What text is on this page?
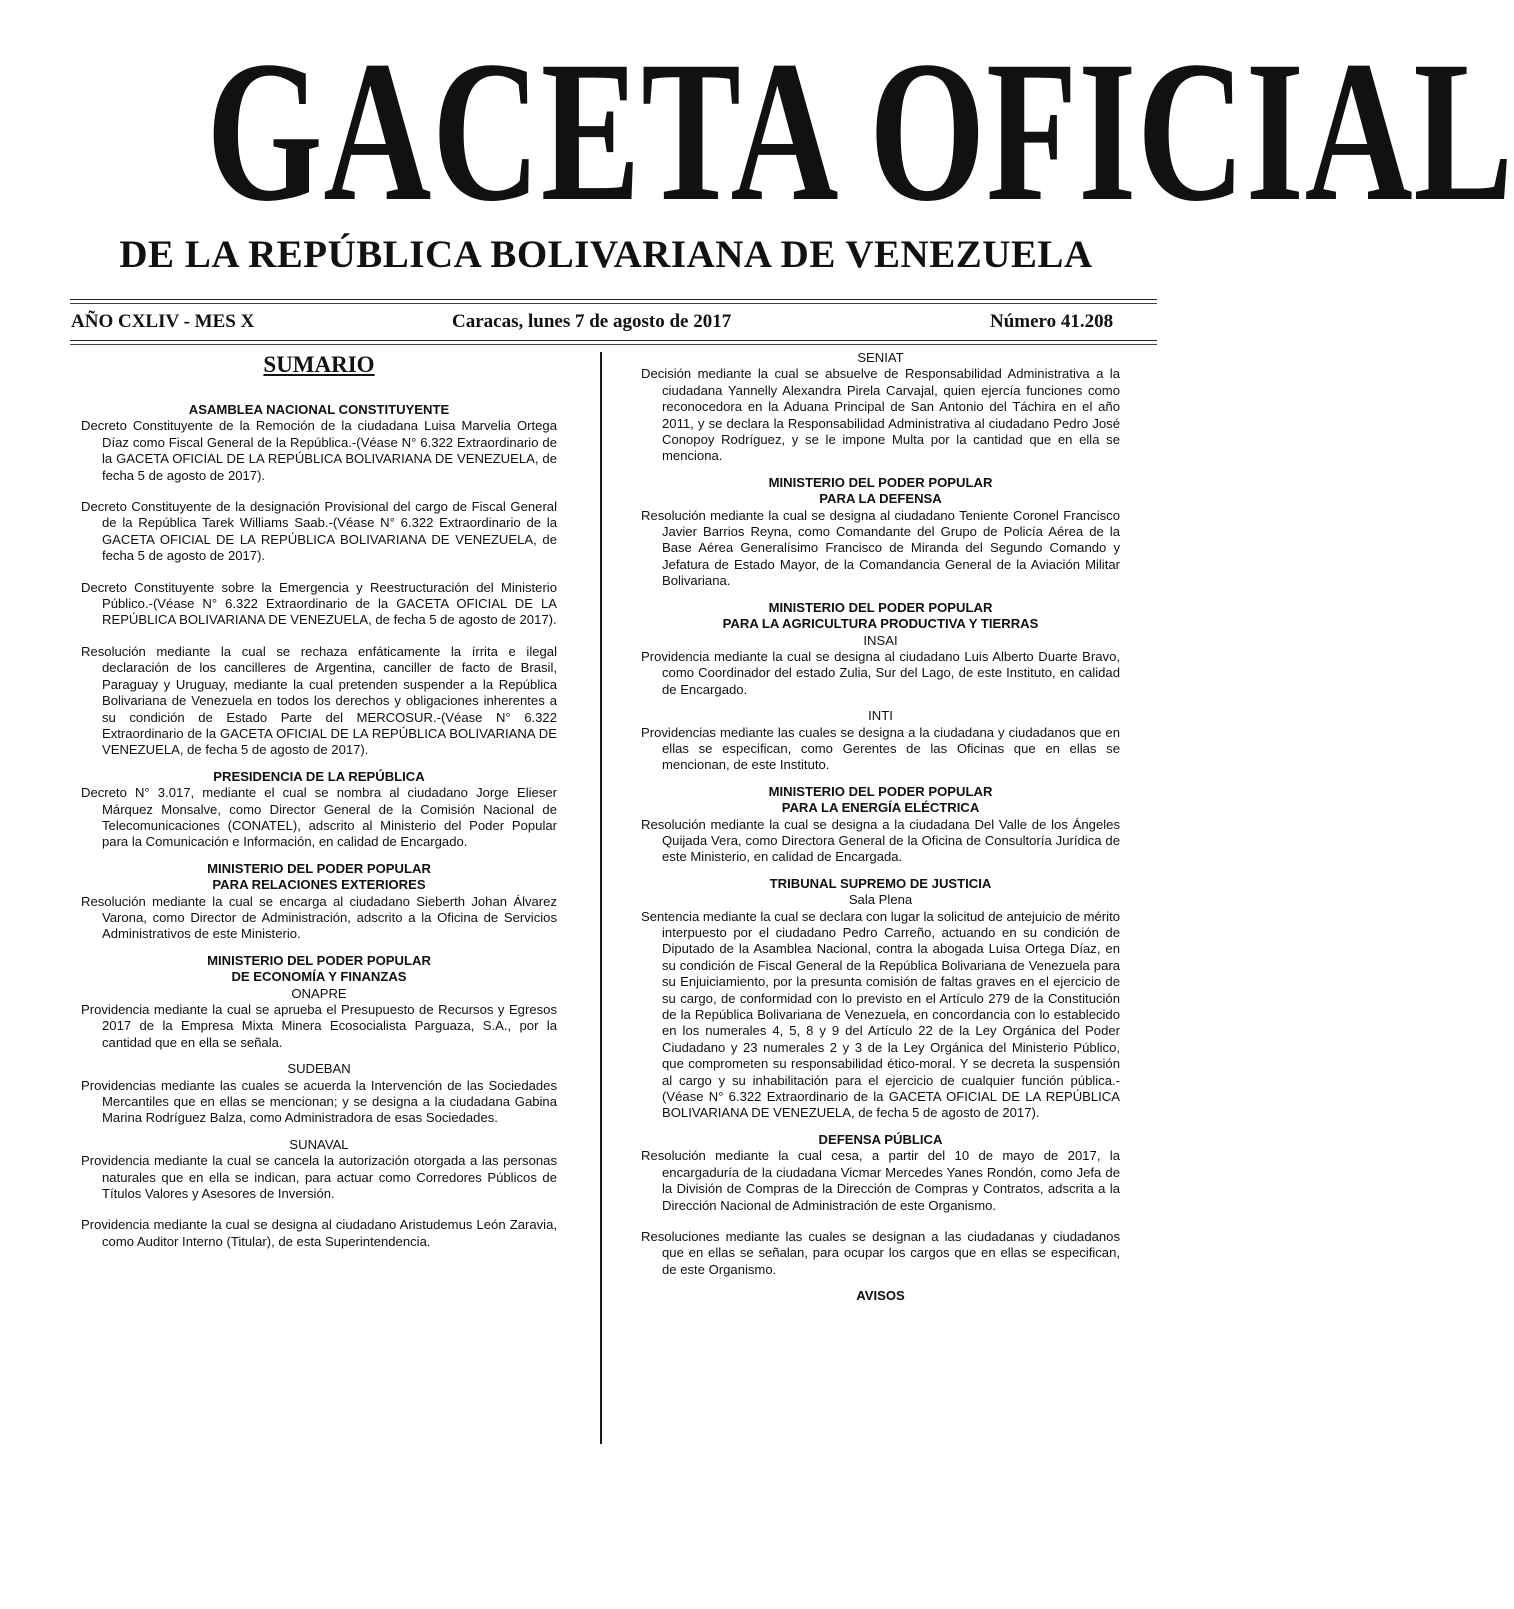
GACETA OFICIAL
DE LA REPÚBLICA BOLIVARIANA DE VENEZUELA
AÑO CXLIV - MES X	Caracas, lunes 7 de agosto de 2017	Número 41.208
SUMARIO
ASAMBLEA NACIONAL CONSTITUYENTE
Decreto Constituyente de la Remoción de la ciudadana Luisa Marvelia Ortega Díaz como Fiscal General de la República.-(Véase N° 6.322 Extraordinario de la GACETA OFICIAL DE LA REPÚBLICA BOLIVARIANA DE VENEZUELA, de fecha 5 de agosto de 2017).
Decreto Constituyente de la designación Provisional del cargo de Fiscal General de la República Tarek Williams Saab.-(Véase N° 6.322 Extraordinario de la GACETA OFICIAL DE LA REPÚBLICA BOLIVARIANA DE VENEZUELA, de fecha 5 de agosto de 2017).
Decreto Constituyente sobre la Emergencia y Reestructuración del Ministerio Público.-(Véase N° 6.322 Extraordinario de la GACETA OFICIAL DE LA REPÚBLICA BOLIVARIANA DE VENEZUELA, de fecha 5 de agosto de 2017).
Resolución mediante la cual se rechaza enfáticamente la írrita e ilegal declaración de los cancilleres de Argentina, canciller de facto de Brasil, Paraguay y Uruguay, mediante la cual pretenden suspender a la República Bolivariana de Venezuela en todos los derechos y obligaciones inherentes a su condición de Estado Parte del MERCOSUR.-(Véase N° 6.322 Extraordinario de la GACETA OFICIAL DE LA REPÚBLICA BOLIVARIANA DE VENEZUELA, de fecha 5 de agosto de 2017).
PRESIDENCIA DE LA REPÚBLICA
Decreto N° 3.017, mediante el cual se nombra al ciudadano Jorge Elieser Márquez Monsalve, como Director General de la Comisión Nacional de Telecomunicaciones (CONATEL), adscrito al Ministerio del Poder Popular para la Comunicación e Información, en calidad de Encargado.
MINISTERIO DEL PODER POPULAR
PARA RELACIONES EXTERIORES
Resolución mediante la cual se encarga al ciudadano Sieberth Johan Álvarez Varona, como Director de Administración, adscrito a la Oficina de Servicios Administrativos de este Ministerio.
MINISTERIO DEL PODER POPULAR
DE ECONOMÍA Y FINANZAS
ONAPRE
Providencia mediante la cual se aprueba el Presupuesto de Recursos y Egresos 2017 de la Empresa Mixta Minera Ecosocialista Parguaza, S.A., por la cantidad que en ella se señala.
SUDEBAN
Providencias mediante las cuales se acuerda la Intervención de las Sociedades Mercantiles que en ellas se mencionan; y se designa a la ciudadana Gabina Marina Rodríguez Balza, como Administradora de esas Sociedades.
SUNAVAL
Providencia mediante la cual se cancela la autorización otorgada a las personas naturales que en ella se indican, para actuar como Corredores Públicos de Títulos Valores y Asesores de Inversión.
Providencia mediante la cual se designa al ciudadano Aristudemus León Zaravia, como Auditor Interno (Titular), de esta Superintendencia.
SENIAT
Decisión mediante la cual se absuelve de Responsabilidad Administrativa a la ciudadana Yannelly Alexandra Pirela Carvajal, quien ejercía funciones como reconocedora en la Aduana Principal de San Antonio del Táchira en el año 2011, y se declara la Responsabilidad Administrativa al ciudadano Pedro José Conopoy Rodríguez, y se le impone Multa por la cantidad que en ella se menciona.
MINISTERIO DEL PODER POPULAR
PARA LA DEFENSA
Resolución mediante la cual se designa al ciudadano Teniente Coronel Francisco Javier Barrios Reyna, como Comandante del Grupo de Policía Aérea de la Base Aérea Generalísimo Francisco de Miranda del Segundo Comando y Jefatura de Estado Mayor, de la Comandancia General de la Aviación Militar Bolivariana.
MINISTERIO DEL PODER POPULAR
PARA LA AGRICULTURA PRODUCTIVA Y TIERRAS
INSAI
Providencia mediante la cual se designa al ciudadano Luis Alberto Duarte Bravo, como Coordinador del estado Zulia, Sur del Lago, de este Instituto, en calidad de Encargado.
INTI
Providencias mediante las cuales se designa a la ciudadana y ciudadanos que en ellas se especifican, como Gerentes de las Oficinas que en ellas se mencionan, de este Instituto.
MINISTERIO DEL PODER POPULAR
PARA LA ENERGÍA ELÉCTRICA
Resolución mediante la cual se designa a la ciudadana Del Valle de los Ángeles Quijada Vera, como Directora General de la Oficina de Consultoría Jurídica de este Ministerio, en calidad de Encargada.
TRIBUNAL SUPREMO DE JUSTICIA
Sala Plena
Sentencia mediante la cual se declara con lugar la solicitud de antejuicio de mérito interpuesto por el ciudadano Pedro Carreño, actuando en su condición de Diputado de la Asamblea Nacional, contra la abogada Luisa Ortega Díaz, en su condición de Fiscal General de la República Bolivariana de Venezuela para su Enjuiciamiento, por la presunta comisión de faltas graves en el ejercicio de su cargo, de conformidad con lo previsto en el Artículo 279 de la Constitución de la República Bolivariana de Venezuela, en concordancia con lo establecido en los numerales 4, 5, 8 y 9 del Artículo 22 de la Ley Orgánica del Poder Ciudadano y 23 numerales 2 y 3 de la Ley Orgánica del Ministerio Público, que comprometen su responsabilidad ético-moral. Y se decreta la suspensión al cargo y su inhabilitación para el ejercicio de cualquier función pública.-(Véase N° 6.322 Extraordinario de la GACETA OFICIAL DE LA REPÚBLICA BOLIVARIANA DE VENEZUELA, de fecha 5 de agosto de 2017).
DEFENSA PÚBLICA
Resolución mediante la cual cesa, a partir del 10 de mayo de 2017, la encargaduría de la ciudadana Vicmar Mercedes Yanes Rondón, como Jefa de la División de Compras de la Dirección de Compras y Contratos, adscrita a la Dirección Nacional de Administración de este Organismo.
Resoluciones mediante las cuales se designan a las ciudadanas y ciudadanos que en ellas se señalan, para ocupar los cargos que en ellas se especifican, de este Organismo.
AVISOS
